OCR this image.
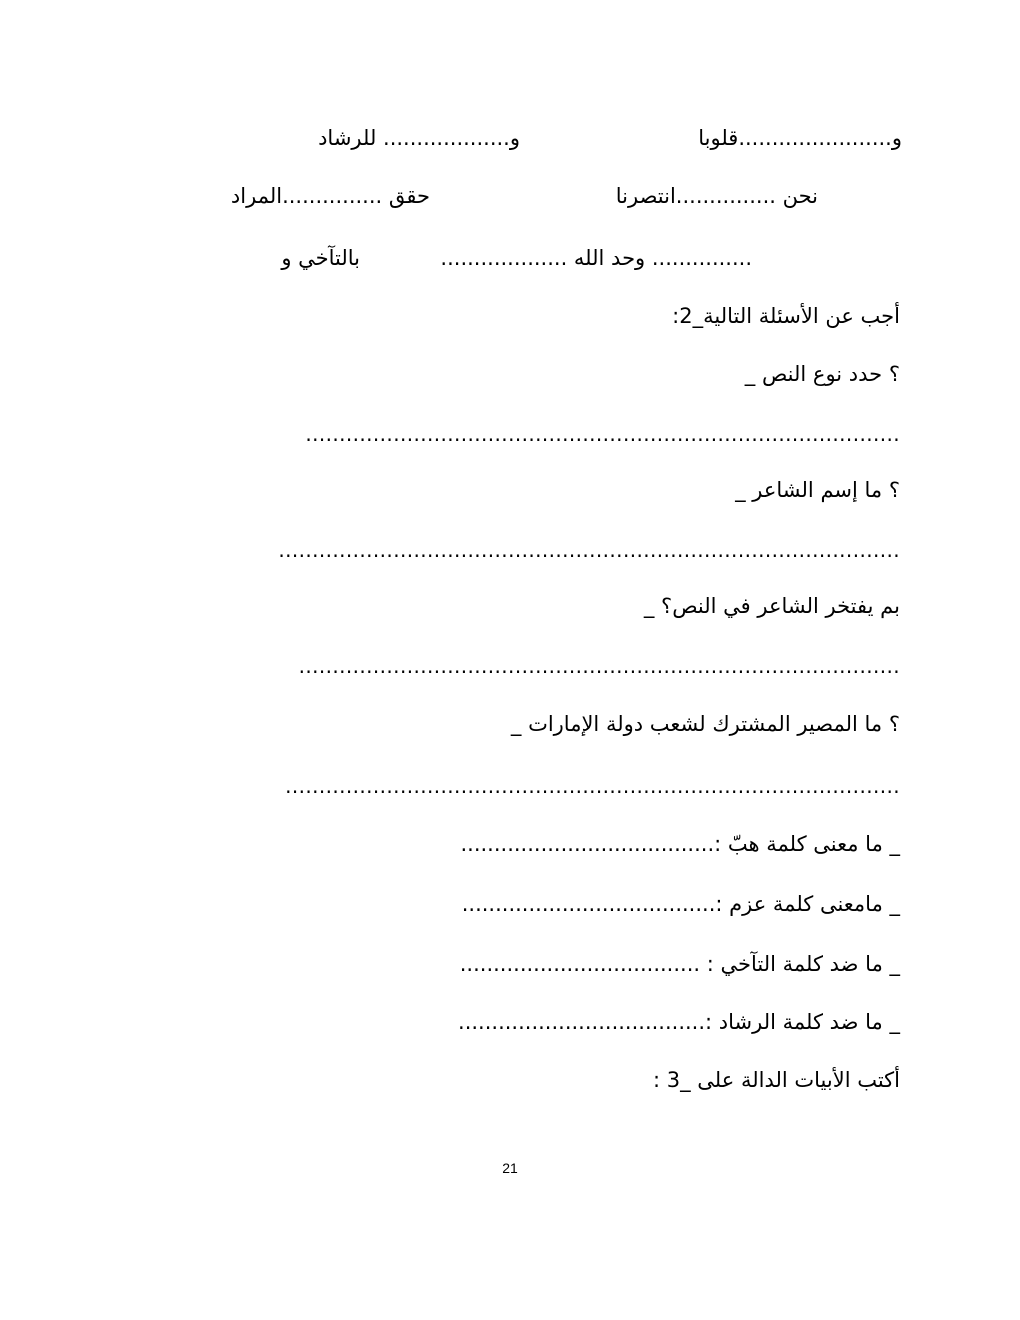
و.......................قلوبا
و................... للرشاد
نحن ...............انتصرنا
حقق ...............المراد
............... وحد الله ...................
بالتآخي و
أجب عن الأسئلة التالية_2:
؟ حدد نوع النص _
........................................................................................
؟ ما إسم الشاعر _
............................................................................................
بم يفتخر الشاعر في النص؟ _
.........................................................................................
؟ ما المصير المشترك لشعب دولة الإمارات _
...........................................................................................
_ ما معنى كلمة هبّ :......................................
_ مامعنى كلمة عزم :......................................
_ ما ضد كلمة التآخي : ....................................
_ ما ضد كلمة الرشاد :.....................................
أكتب الأبيات الدالة على _3 :
21
